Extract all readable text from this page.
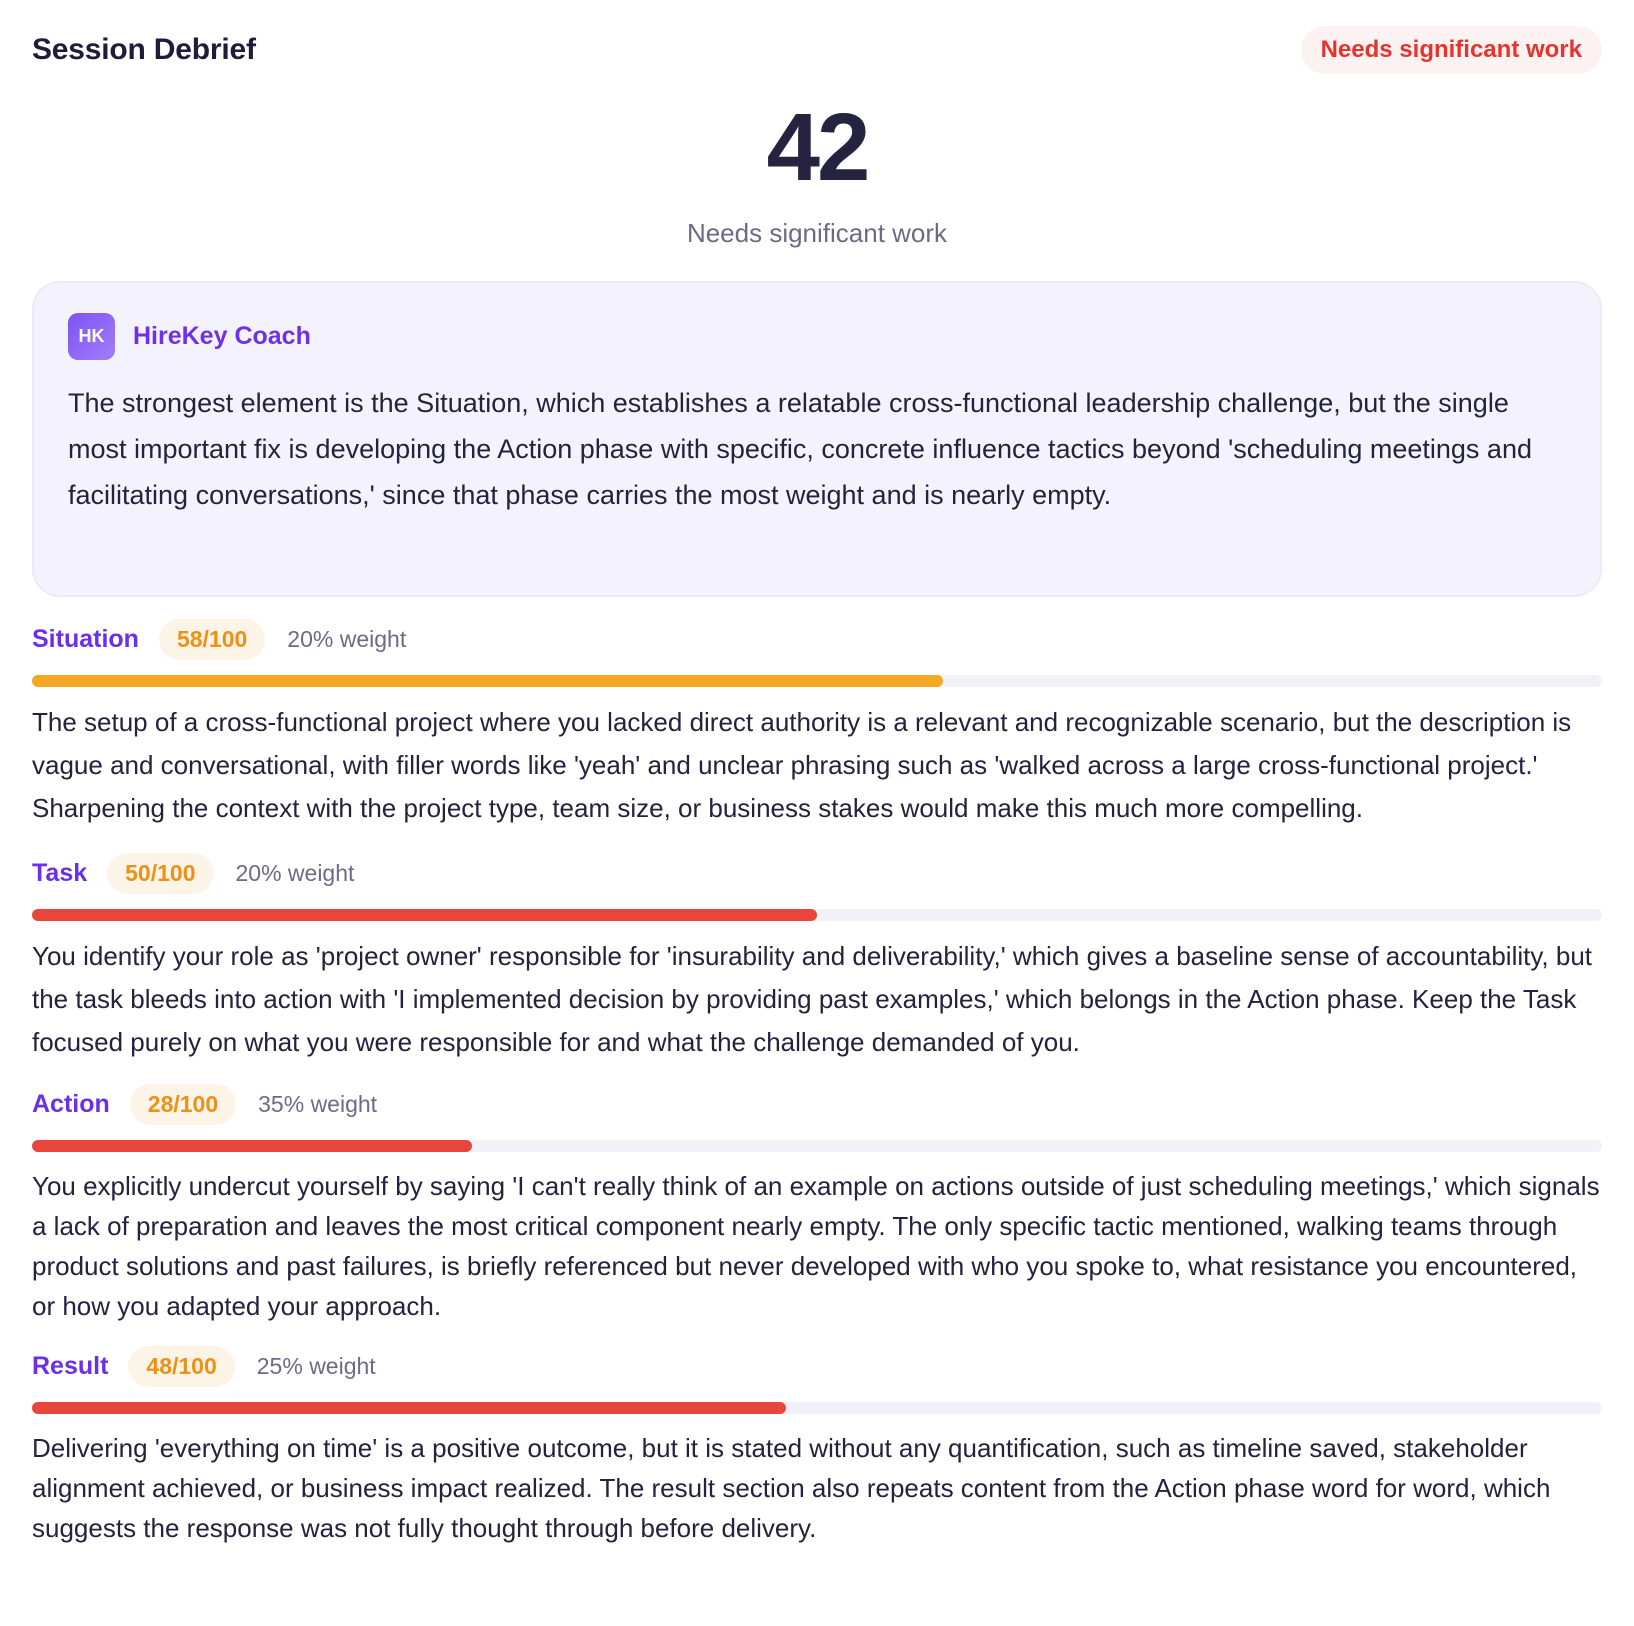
Session Debrief	Needs significant work
42
Needs significant work
HK	HireKey Coach
The strongest element is the Situation, which establishes a relatable cross-functional leadership challenge, but the single most important fix is developing the Action phase with specific, concrete influence tactics beyond 'scheduling meetings and facilitating conversations,' since that phase carries the most weight and is nearly empty.
Situation	58/100	20% weight
The setup of a cross-functional project where you lacked direct authority is a relevant and recognizable scenario, but the description is vague and conversational, with filler words like 'yeah' and unclear phrasing such as 'walked across a large cross-functional project.' Sharpening the context with the project type, team size, or business stakes would make this much more compelling.
Task	50/100	20% weight
You identify your role as 'project owner' responsible for 'insurability and deliverability,' which gives a baseline sense of accountability, but the task bleeds into action with 'I implemented decision by providing past examples,' which belongs in the Action phase. Keep the Task focused purely on what you were responsible for and what the challenge demanded of you.
Action	28/100	35% weight
You explicitly undercut yourself by saying 'I can't really think of an example on actions outside of just scheduling meetings,' which signals a lack of preparation and leaves the most critical component nearly empty. The only specific tactic mentioned, walking teams through product solutions and past failures, is briefly referenced but never developed with who you spoke to, what resistance you encountered, or how you adapted your approach.
Result	48/100	25% weight
Delivering 'everything on time' is a positive outcome, but it is stated without any quantification, such as timeline saved, stakeholder alignment achieved, or business impact realized. The result section also repeats content from the Action phase word for word, which suggests the response was not fully thought through before delivery.
